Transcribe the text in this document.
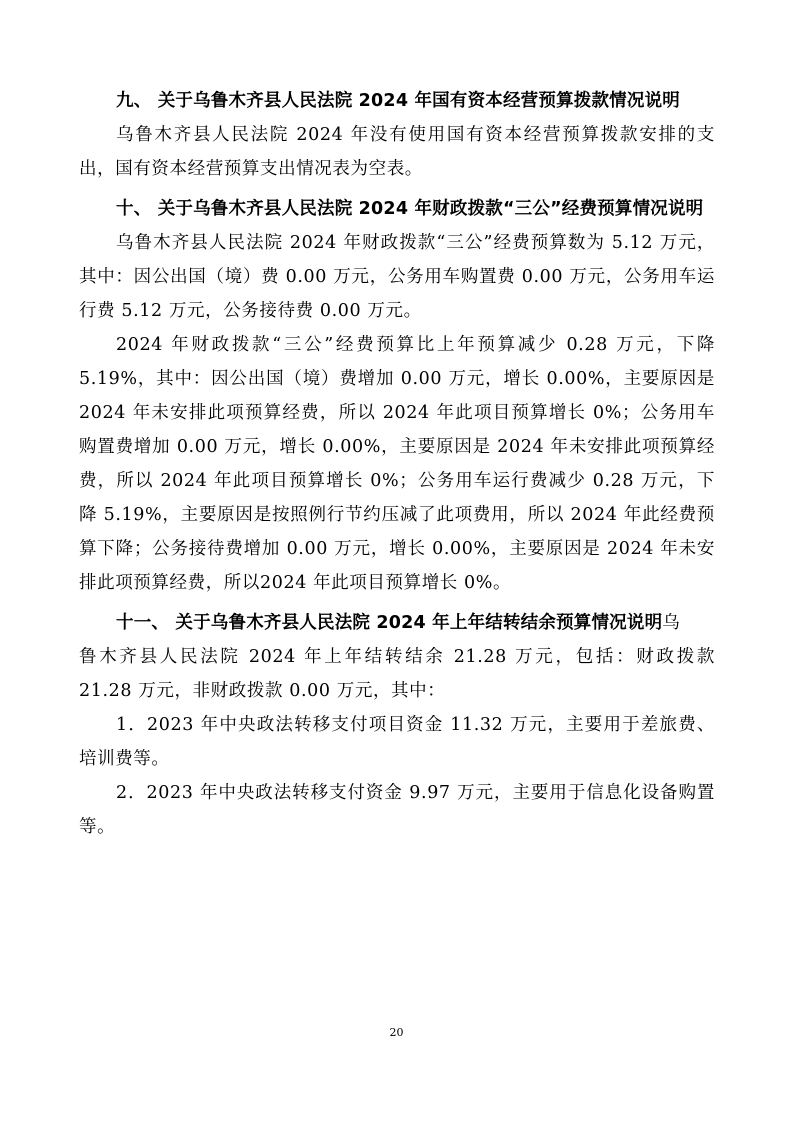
九、 关于乌鲁木齐县人民法院 2024 年国有资本经营预算拨款情况说明

乌鲁木齐县人民法院 2024 年没有使用国有资本经营预算拨款安排的支出，国有资本经营预算支出情况表为空表。

十、 关于乌鲁木齐县人民法院 2024 年财政拨款“三公”经费预算情况说明

乌鲁木齐县人民法院 2024 年财政拨款“三公”经费预算数为 5.12 万元，其中：因公出国（境）费 0.00 万元，公务用车购置费 0.00 万元，公务用车运行费 5.12 万元，公务接待费 0.00 万元。

2024 年财政拨款“三公”经费预算比上年预算减少 0.28 万元，下降 5.19%，其中：因公出国（境）费增加 0.00 万元，增长 0.00%，主要原因是 2024 年未安排此项预算经费，所以 2024 年此项目预算增长 0%；公务用车购置费增加 0.00 万元，增长 0.00%，主要原因是 2024 年未安排此项预算经费，所以 2024 年此项目预算增长 0%；公务用车运行费减少 0.28 万元，下降 5.19%，主要原因是按照例行节约压减了此项费用，所以 2024 年此经费预算下降；公务接待费增加 0.00 万元，增长 0.00%，主要原因是 2024 年未安排此项预算经费，所以2024 年此项目预算增长 0%。

十一、 关于乌鲁木齐县人民法院 2024 年上年结转结余预算情况说明乌

鲁木齐县人民法院 2024 年上年结转结余 21.28 万元，包括：财政拨款 21.28 万元，非财政拨款 0.00 万元，其中：

1．2023 年中央政法转移支付项目资金 11.32 万元，主要用于差旅费、培训费等。

2．2023 年中央政法转移支付资金 9.97 万元，主要用于信息化设备购置等。

20
